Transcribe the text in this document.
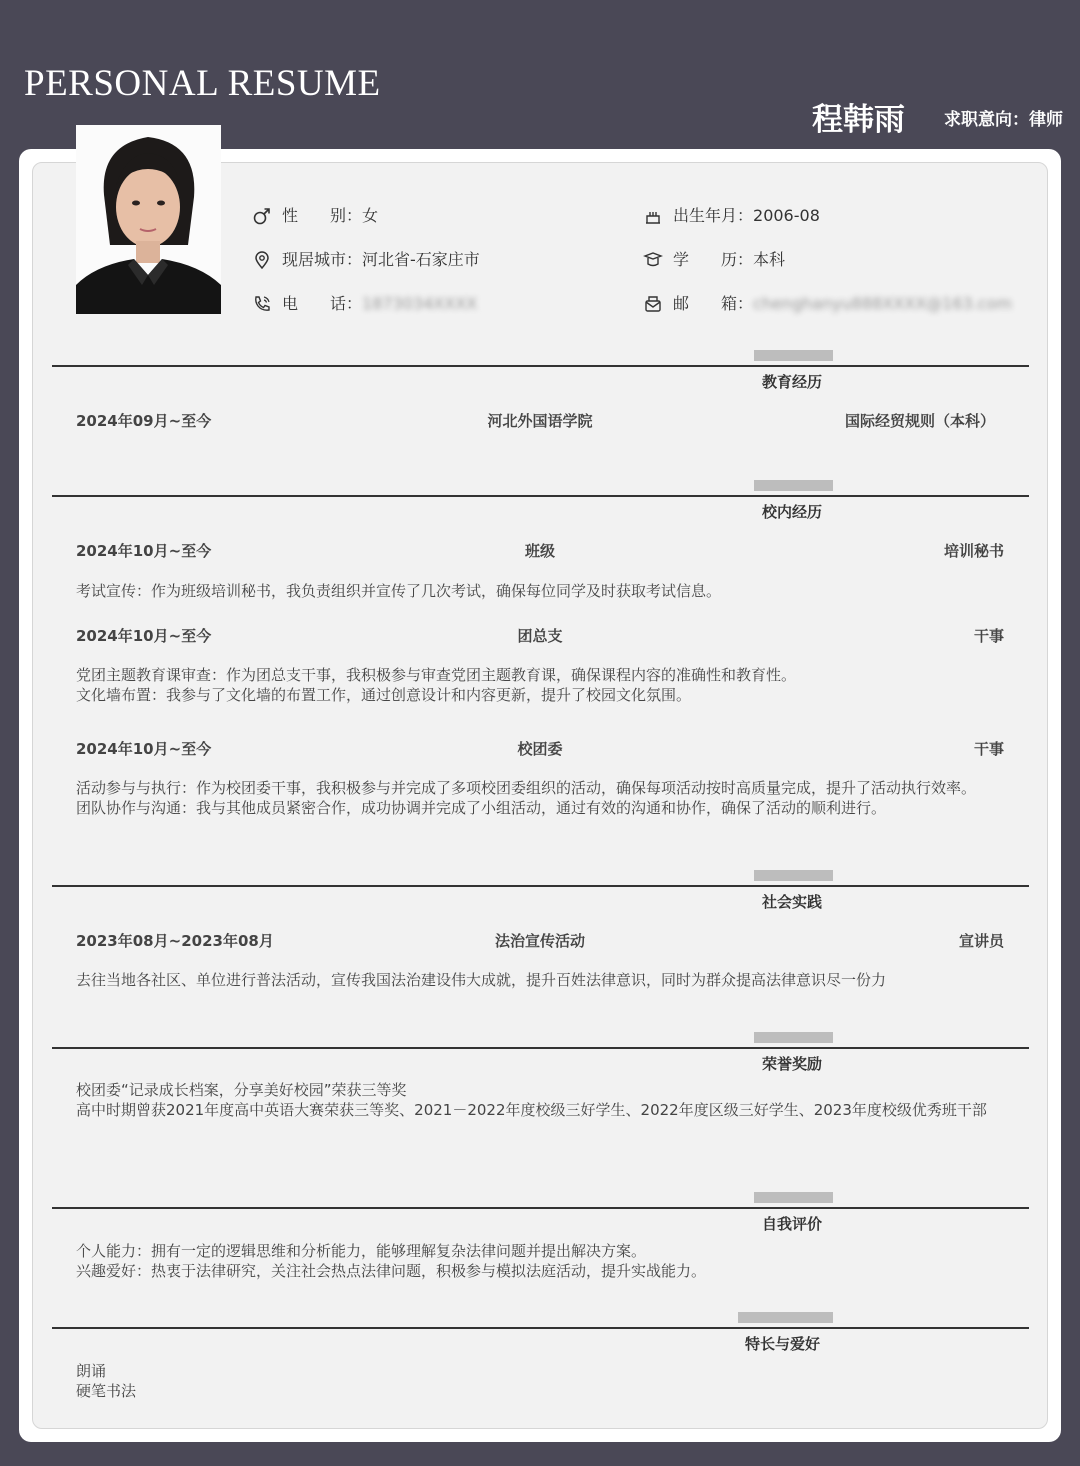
PERSONAL RESUME
程韩雨 求职意向：律师
性　　别： 女
现居城市： 河北省-石家庄市
电　　话： 1873034XXXX
出生年月： 2006-08
学　　历： 本科
邮　　箱： chenghanyu888XXXX@163.com
教育经历
2024年09月~至今	河北外国语学院	国际经贸规则（本科）
校内经历
2024年10月~至今	班级	培训秘书
考试宣传：作为班级培训秘书，我负责组织并宣传了几次考试，确保每位同学及时获取考试信息。
2024年10月~至今	团总支	干事
党团主题教育课审查：作为团总支干事，我积极参与审查党团主题教育课，确保课程内容的准确性和教育性。
文化墙布置：我参与了文化墙的布置工作，通过创意设计和内容更新，提升了校园文化氛围。
2024年10月~至今	校团委	干事
活动参与与执行：作为校团委干事，我积极参与并完成了多项校团委组织的活动，确保每项活动按时高质量完成，提升了活动执行效率。
团队协作与沟通：我与其他成员紧密合作，成功协调并完成了小组活动，通过有效的沟通和协作，确保了活动的顺利进行。
社会实践
2023年08月~2023年08月	法治宣传活动	宣讲员
去往当地各社区、单位进行普法活动，宣传我国法治建设伟大成就，提升百姓法律意识，同时为群众提高法律意识尽一份力
荣誉奖励
校团委“记录成长档案，分享美好校园”荣获三等奖
高中时期曾获2021年度高中英语大赛荣获三等奖、2021－2022年度校级三好学生、2022年度区级三好学生、2023年度校级优秀班干部
自我评价
个人能力：拥有一定的逻辑思维和分析能力，能够理解复杂法律问题并提出解决方案。
兴趣爱好：热衷于法律研究，关注社会热点法律问题，积极参与模拟法庭活动，提升实战能力。
特长与爱好
朗诵
硬笔书法
